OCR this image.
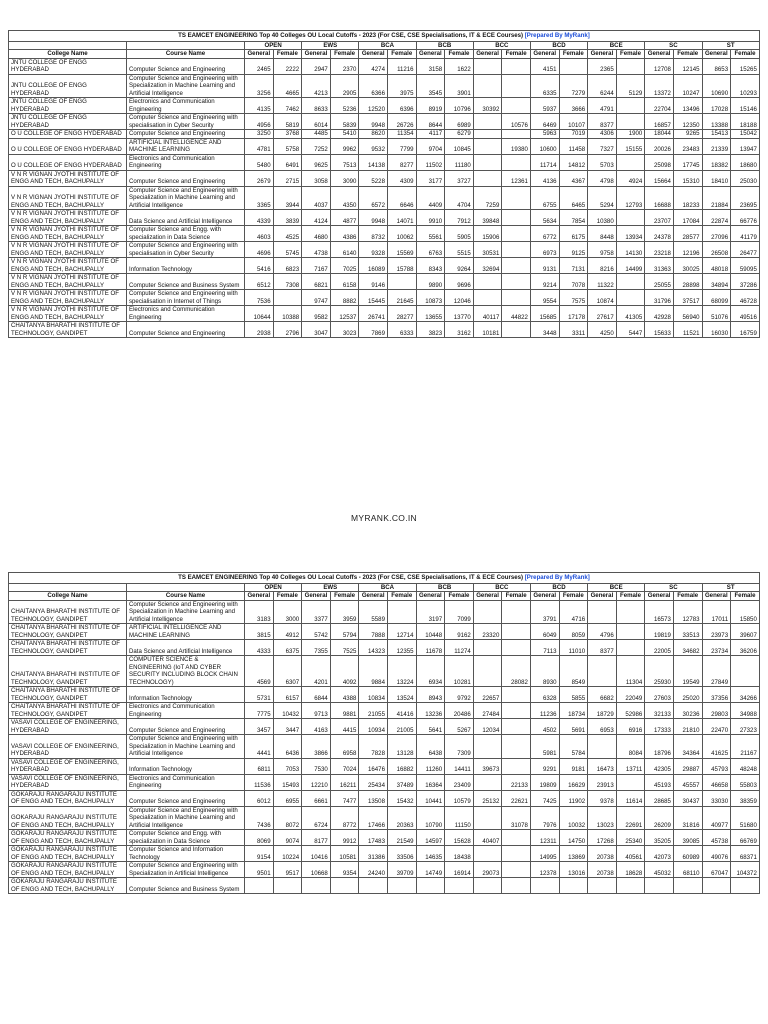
TS EAMCET ENGINEERING Top 40 Colleges OU Local Cutoffs - 2023 (For CSE, CSE Specialisations, IT & ECE Courses) [Prepared By MyRank]																			
		OPEN		EWS		BCA		BCB		BCC		BCD		BCE		SC		ST	
College Name	Course Name	General	Female	General	Female	General	Female	General	Female	General	Female	General	Female	General	Female	General	Female	General	Female
JNTU COLLEGE OF ENGG HYDERABAD	Computer Science and Engineering	2465	2222	2947	2370	4274	11216	3158	1622			4151		2365		12708	12145	8653	15265
JNTU COLLEGE OF ENGG HYDERABAD	Computer Science and Engineering with Specialization in Machine Learning and Artificial Intelligence	3256	4665	4213	2905	6366	3975	3545	3901			6335	7279	6244	5129	13372	10247	10690	10293
JNTU COLLEGE OF ENGG HYDERABAD	Electronics and Communication Engineering	4135	7462	8633	5236	12520	6396	8919	10796	30392		5937	3666	4791		22704	13496	17028	15146
JNTU COLLEGE OF ENGG HYDERABAD	Computer Science and Engineering with specialisation in Cyber Security	4956	5819	6014	5839	9948	26726	8644	6989		10576	6469	10107	8377		16857	12350	13388	18188
O U COLLEGE OF ENGG HYDERABAD	Computer Science and Engineering	3250	3768	4485	5410	8620	11354	4117	6279			5963	7019	4306	1900	18044	9265	15413	15042
O U COLLEGE OF ENGG HYDERABAD	ARTIFICIAL INTELLIGENCE AND MACHINE LEARNING	4781	5758	7252	9962	9532	7799	9704	10845		19380	10600	11458	7327	15155	20026	23483	21339	13947
O U COLLEGE OF ENGG HYDERABAD	Electronics and Communication Engineering	5480	6491	9625	7513	14138	8277	11502	11180			11714	14812	5703		25098	17745	18382	18680
V N R VIGNAN JYOTHI INSTITUTE OF ENGG AND TECH, BACHUPALLY	Computer Science and Engineering	2679	2715	3058	3090	5228	4309	3177	3727		12361	4136	4367	4798	4924	15664	15310	18410	25030
V N R VIGNAN JYOTHI INSTITUTE OF ENGG AND TECH, BACHUPALLY	Computer Science and Engineering with Specialization in Machine Learning and Artificial Intelligence	3365	3944	4037	4350	6572	6646	4409	4704	7259		6755	6465	5294	12793	16688	18233	21884	23695
V N R VIGNAN JYOTHI INSTITUTE OF ENGG AND TECH, BACHUPALLY	Data Science and Artificial Intelligence	4339	3839	4124	4877	9948	14071	9910	7912	39848		5634	7854	10380		23707	17084	22874	66776
V N R VIGNAN JYOTHI INSTITUTE OF ENGG AND TECH, BACHUPALLY	Computer Science and Engg. with specialization in Data Science	4603	4525	4680	4386	8732	10062	5561	5905	15906		6772	6175	8448	13934	24378	28577	27096	41179
V N R VIGNAN JYOTHI INSTITUTE OF ENGG AND TECH, BACHUPALLY	Computer Science and Engineering with specialisation in Cyber Security	4696	5745	4738	6140	9328	15569	6763	5515	30531		6973	9125	9758	14130	23218	12196	26508	26477
V N R VIGNAN JYOTHI INSTITUTE OF ENGG AND TECH, BACHUPALLY	Information Technology	5416	6823	7167	7025	16089	15788	8343	9264	32694		9131	7131	8216	14499	31363	30025	48018	59095
V N R VIGNAN JYOTHI INSTITUTE OF ENGG AND TECH, BACHUPALLY	Computer Science and Business System	6512	7308	6821	6158	9146		9890	9696			9214	7078	11322		25055	28898	34894	37286
V N R VIGNAN JYOTHI INSTITUTE OF ENGG AND TECH, BACHUPALLY	Computer Science and Engineering with specialisation in Internet of Things	7536		9747	8882	15445	21645	10873	12046			9554	7575	10874		31796	37517	68099	46728
V N R VIGNAN JYOTHI INSTITUTE OF ENGG AND TECH, BACHUPALLY	Electronics and Communication Engineering	10644	10388	9582	12537	26741	28277	13655	13770	40117	44822	15685	17178	27617	41305	42928	56940	51076	49516
CHAITANYA BHARATHI INSTITUTE OF TECHNOLOGY, GANDIPET	Computer Science and Engineering	2938	2796	3047	3023	7869	6333	3823	3162	10181		3448	3311	4250	5447	15633	11521	16030	16759
MYRANK.CO.IN
TS EAMCET ENGINEERING Top 40 Colleges OU Local Cutoffs - 2023 (For CSE, CSE Specialisations, IT & ECE Courses) [Prepared By MyRank]																			
		OPEN		EWS		BCA		BCB		BCC		BCD		BCE		SC		ST	
College Name	Course Name	General	Female	General	Female	General	Female	General	Female	General	Female	General	Female	General	Female	General	Female	General	Female
CHAITANYA BHARATHI INSTITUTE OF TECHNOLOGY, GANDIPET	Computer Science and Engineering with Specialization in Machine Learning and Artificial Intelligence	3183	3000	3377	3959	5589		3197	7099			3791	4716			16573	12783	17011	15850
CHAITANYA BHARATHI INSTITUTE OF TECHNOLOGY, GANDIPET	ARTIFICIAL INTELLIGENCE AND MACHINE LEARNING	3815	4912	5742	5794	7888	12714	10448	9162	23320		6049	8059	4796		19819	33513	23973	39607
CHAITANYA BHARATHI INSTITUTE OF TECHNOLOGY, GANDIPET	Data Science and Artificial Intelligence	4333	6375	7355	7525	14323	12355	11678	11274			7113	11010	8377		22005	34682	23734	36206
CHAITANYA BHARATHI INSTITUTE OF TECHNOLOGY, GANDIPET	COMPUTER SCIENCE & ENGINEERING (IoT AND CYBER SECURITY INCLUDING BLOCK CHAIN TECHNOLOGY)	4569	6307	4201	4092	9884	13224	6934	10281		28082	8930	8549		11304	25930	19549	27849	
CHAITANYA BHARATHI INSTITUTE OF TECHNOLOGY, GANDIPET	Information Technology	5731	6157	6844	4388	10834	13524	8943	9792	22657		6328	5855	6682	22049	27603	25020	37356	34266
CHAITANYA BHARATHI INSTITUTE OF TECHNOLOGY, GANDIPET	Electronics and Communication Engineering	7775	10432	9713	9881	21055	41416	13236	20486	27484		11236	18734	18729	52986	32133	30236	29803	34988
VASAVI COLLEGE OF ENGINEERING, HYDERABAD	Computer Science and Engineering	3457	3447	4163	4415	10934	21005	5641	5267	12034		4502	5691	6953	6916	17333	21810	22470	27323
VASAVI COLLEGE OF ENGINEERING, HYDERABAD	Computer Science and Engineering with Specialization in Machine Learning and Artificial Intelligence	4441	6436	3866	6958	7828	13128	6438	7309			5981	5784		8084	18796	34364	41625	21167
VASAVI COLLEGE OF ENGINEERING, HYDERABAD	Information Technology	6811	7053	7530	7024	16476	16882	11260	14411	39673		9291	9181	16473	13711	42305	29887	45793	48248
VASAVI COLLEGE OF ENGINEERING, HYDERABAD	Electronics and Communication Engineering	11536	15493	12210	16211	25434	37489	16364	23409		22133	19809	16629	23913		45193	45557	46658	55803
GOKARAJU RANGARAJU INSTITUTE OF ENGG AND TECH, BACHUPALLY	Computer Science and Engineering	6012	6955	6661	7477	13508	15432	10441	10579	25132	22621	7425	11902	9378	11614	28685	30437	33030	38359
GOKARAJU RANGARAJU INSTITUTE OF ENGG AND TECH, BACHUPALLY	Computer Science and Engineering with Specialization in Machine Learning and Artificial Intelligence	7436	8072	6724	8772	17466	20363	10790	11150		31078	7976	10032	13023	22691	26209	31816	40977	51680
GOKARAJU RANGARAJU INSTITUTE OF ENGG AND TECH, BACHUPALLY	Computer Science and Engg. with specialization in Data Science	8069	9074	8177	9912	17483	21549	14597	15628	40407		12311	14750	17268	25340	35205	39085	45738	66769
GOKARAJU RANGARAJU INSTITUTE OF ENGG AND TECH, BACHUPALLY	Computer Science and Information Technology	9154	10224	10416	10581	31386	33506	14635	18438			14995	13869	20738	40561	42073	60989	49076	68371
GOKARAJU RANGARAJU INSTITUTE OF ENGG AND TECH, BACHUPALLY	Computer Science and Engineering with Specialization in Artificial Intelligence	9501	9517	10668	9354	24240	39709	14749	16914	29073		12378	13016	20738	18628	45032	68110	67047	104372
GOKARAJU RANGARAJU INSTITUTE OF ENGG AND TECH, BACHUPALLY	Computer Science and Business System																		
